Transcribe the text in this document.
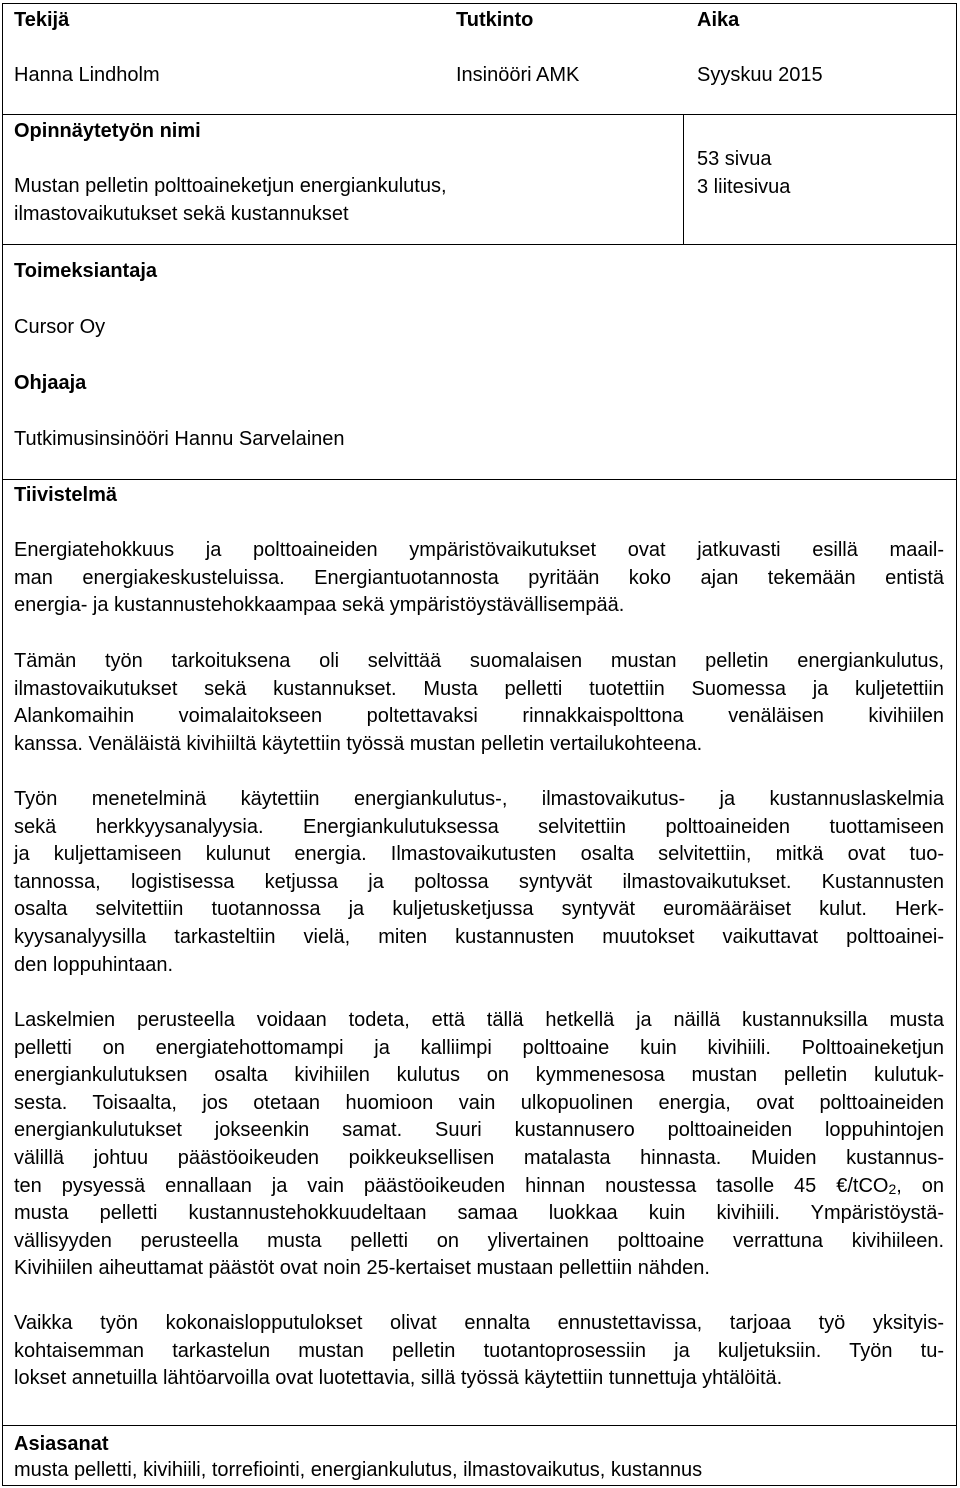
Tekijä	Tutkinto	Aika
Hanna Lindholm	Insinööri AMK	Syyskuu 2015
Opinnäytetyön nimi
Mustan pelletin polttoaineketjun energiankulutus,
ilmastovaikutukset sekä kustannukset
53 sivua
3 liitesivua
Toimeksiantaja
Cursor Oy
Ohjaaja
Tutkimusinsinööri Hannu Sarvelainen
Tiivistelmä
Energiatehokkuus ja polttoaineiden ympäristövaikutukset ovat jatkuvasti esillä maail-
man energiakeskusteluissa. Energiantuotannosta pyritään koko ajan tekemään entistä
energia- ja kustannustehokkaampaa sekä ympäristöystävällisempää.
Tämän työn tarkoituksena oli selvittää suomalaisen mustan pelletin energiankulutus,
ilmastovaikutukset sekä kustannukset. Musta pelletti tuotettiin Suomessa ja kuljetettiin
Alankomaihin voimalaitokseen poltettavaksi rinnakkaispolttona venäläisen kivihiilen
kanssa. Venäläistä kivihiiltä käytettiin työssä mustan pelletin vertailukohteena.
Työn menetelminä käytettiin energiankulutus-, ilmastovaikutus- ja kustannuslaskelmia
sekä herkkyysanalyysia. Energiankulutuksessa selvitettiin polttoaineiden tuottamiseen
ja kuljettamiseen kulunut energia. Ilmastovaikutusten osalta selvitettiin, mitkä ovat tuo-
tannossa, logistisessa ketjussa ja poltossa syntyvät ilmastovaikutukset. Kustannusten
osalta selvitettiin tuotannossa ja kuljetusketjussa syntyvät euromääräiset kulut. Herk-
kyysanalyysilla tarkasteltiin vielä, miten kustannusten muutokset vaikuttavat polttoainei-
den loppuhintaan.
Laskelmien perusteella voidaan todeta, että tällä hetkellä ja näillä kustannuksilla musta
pelletti on energiatehottomampi ja kalliimpi polttoaine kuin kivihiili. Polttoaineketjun
energiankulutuksen osalta kivihiilen kulutus on kymmenesosa mustan pelletin kulutuk-
sesta. Toisaalta, jos otetaan huomioon vain ulkopuolinen energia, ovat polttoaineiden
energiankulutukset jokseenkin samat. Suuri kustannusero polttoaineiden loppuhintojen
välillä johtuu päästöoikeuden poikkeuksellisen matalasta hinnasta. Muiden kustannus-
ten pysyessä ennallaan ja vain päästöoikeuden hinnan noustessa tasolle 45 €/tCO$_2$, on
musta pelletti kustannustehokkuudeltaan samaa luokkaa kuin kivihiili. Ympäristöystä-
vällisyyden perusteella musta pelletti on ylivertainen polttoaine verrattuna kivihiileen.
Kivihiilen aiheuttamat päästöt ovat noin 25-kertaiset mustaan pellettiin nähden.
Vaikka työn kokonaislopputulokset olivat ennalta ennustettavissa, tarjoaa työ yksityis-
kohtaisemman tarkastelun mustan pelletin tuotantoprosessiin ja kuljetuksiin. Työn tu-
lokset annetuilla lähtöarvoilla ovat luotettavia, sillä työssä käytettiin tunnettuja yhtälöitä.
Asiasanat
musta pelletti, kivihiili, torrefiointi, energiankulutus, ilmastovaikutus, kustannus
